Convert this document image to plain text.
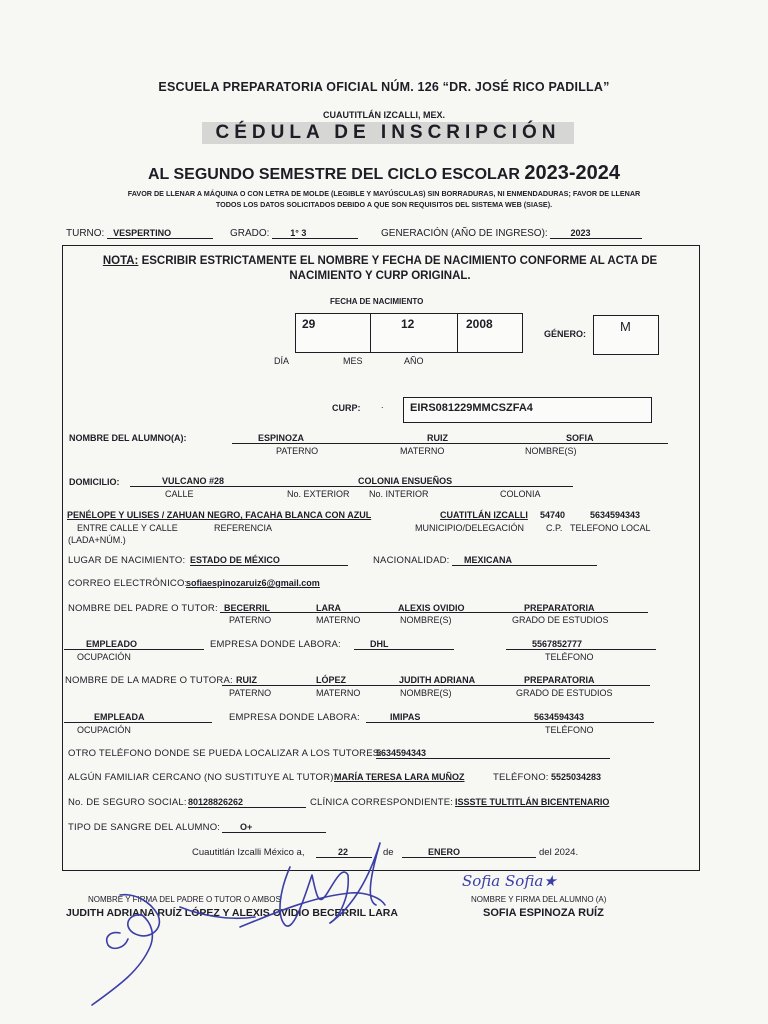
ESCUELA PREPARATORIA OFICIAL NÚM. 126 “DR. JOSÉ RICO PADILLA”
CUAUTITLÁN IZCALLI, MEX.
CÉDULA DE INSCRIPCIÓN
AL SEGUNDO SEMESTRE DEL CICLO ESCOLAR 2023-2024
FAVOR DE LLENAR A MÁQUINA O CON LETRA DE MOLDE (LEGIBLE Y MAYÚSCULAS) SIN BORRADURAS, NI ENMENDADURAS; FAVOR DE LLENAR
TODOS LOS DATOS SOLICITADOS DEBIDO A QUE SON REQUISITOS DEL SISTEMA WEB (SIASE).
TURNO: VESPERTINO	GRADO: 1° 3	GENERACIÓN (AÑO DE INGRESO):	2023
NOTA: ESCRIBIR ESTRICTAMENTE EL NOMBRE Y FECHA DE NACIMIENTO CONFORME AL ACTA DE
NACIMIENTO Y CURP ORIGINAL.
FECHA DE NACIMIENTO
29	12	2008
DÍA	MES	AÑO
GÉNERO:	M
CURP: . EIRS081229MMCSZFA4
NOMBRE DEL ALUMNO(A):	ESPINOZA	RUIZ	SOFIA
PATERNO	MATERNO	NOMBRE(S)
DOMICILIO:	VULCANO #28	COLONIA ENSUEÑOS
CALLE	No. EXTERIOR No. INTERIOR	COLONIA
PENÉLOPE Y ULISES / ZAHUAN NEGRO, FACAHA BLANCA CON AZUL	CUATITLÁN IZCALLI 54740	5634594343
ENTRE CALLE Y CALLE	REFERENCIA	MUNICIPIO/DELEGACIÓN C.P. TELEFONO LOCAL
(LADA+NÚM.)
LUGAR DE NACIMIENTO: ESTADO DE MÉXICO	NACIONALIDAD:	MEXICANA
CORREO ELECTRÓNICO:
sofiaespinozaruiz6@gmail.com
NOMBRE DEL PADRE O TUTOR: BECERRIL	LARA	ALEXIS OVIDIO	PREPARATORIA
PATERNO	MATERNO	NOMBRE(S)	GRADO DE ESTUDIOS
EMPLEADO	EMPRESA DONDE LABORA:	DHL	5567852777
OCUPACIÓN	TELÉFONO
NOMBRE DE LA MADRE O TUTORA: RUIZ	LÓPEZ	JUDITH ADRIANA	PREPARATORIA
PATERNO	MATERNO	NOMBRE(S)	GRADO DE ESTUDIOS
EMPLEADA	EMPRESA DONDE LABORA:	IMIPAS	5634594343
OCUPACIÓN	TELÉFONO
OTRO TELÉFONO DONDE SE PUEDA LOCALIZAR A LOS TUTORES:
5634594343
ALGÚN FAMILIAR CERCANO (NO SUSTITUYE AL TUTOR):
MARÍA TERESA LARA MUÑOZ	TELÉFONO: 5525034283
No. DE SEGURO SOCIAL: 80128826262	CLÍNICA CORRESPONDIENTE: ISSSTE TULTITLÁN BICENTENARIO
TIPO DE SANGRE DEL ALUMNO:	O+
Cuautitlán Izcalli México a,	22	de	ENERO	del 2024.
NOMBRE Y FIRMA DEL PADRE O TUTOR O AMBOS
JUDITH ADRIANA RUÍZ LÓPEZ Y ALEXIS OVIDIO BECERRIL LARA
NOMBRE Y FIRMA DEL ALUMNO (A)
SOFIA ESPINOZA RUÍZ
Sofia Sofia★
